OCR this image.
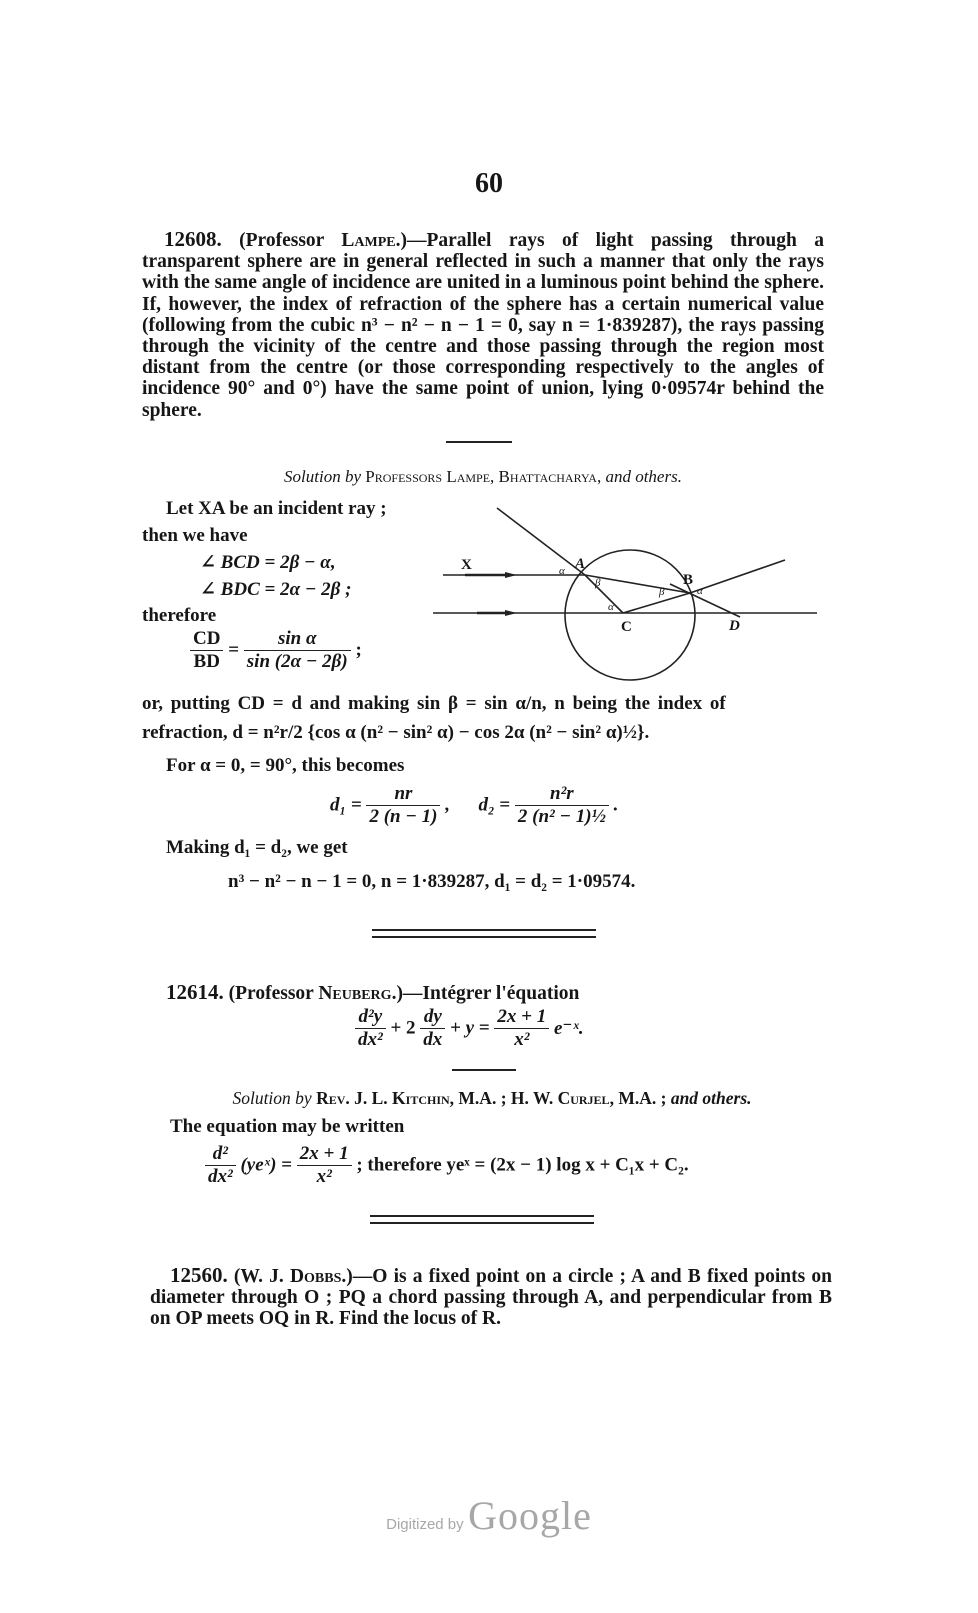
60
12608. (Professor Lampe.)—Parallel rays of light passing through a transparent sphere are in general reflected in such a manner that only the rays with the same angle of incidence are united in a luminous point behind the sphere. If, however, the index of refraction of the sphere has a certain numerical value (following from the cubic n³ − n² − n − 1 = 0, say n = 1·839287), the rays passing through the vicinity of the centre and those passing through the region most distant from the centre (or those corresponding respectively to the angles of incidence 90° and 0°) have the same point of union, lying 0·09574r behind the sphere.
Solution by Professors Lampe, Bhattacharya, and others.
Let XA be an incident ray ;
then we have
∠ BCD = 2β − α,
∠ BDC = 2α − 2β ;
therefore
$\frac{CD}{BD} = \frac{\text{sin α}}{\sin (2\alpha - 2\beta)}$ ;
X	A
B
C	D
α
β
α
β	α
or, putting CD = d and making sin β = sin α/n, n being the index of
refraction, d = n²r/2 {cos α (n² − sin² α) − cos 2α (n² − sin² α)½}.
For α = 0, = 90°, this becomes
$d_1 = \frac{nr}{2 (n - 1)}$ ,      $d_2 = \frac{\text{n²r}}{\text{2 (n² − 1)½}}$ .
Making d₁ = d₂, we get
n³ − n² − n − 1 = 0, n = 1·839287, d₁ = d₂ = 1·09574.
12614. (Professor Neuberg.)—Intégrer l'équation
$\frac{\text{d²y}}{\text{dx²}} + 2 \frac{dy}{dx} + y = \frac{2x + 1}{\text{x²}}$ e⁻ˣ.
Solution by Rev. J. L. Kitchin, M.A. ; H. W. Curjel, M.A. ; and others.
The equation may be written
$\frac{\text{d²}}{\text{dx²}}$ (yeˣ) = $\frac{2x + 1}{\text{x²}}$ ; therefore yeˣ = (2x − 1) log x + C₁x + C₂.
12560. (W. J. Dobbs.)—O is a fixed point on a circle ; A and B fixed points on diameter through O ; PQ a chord passing through A, and perpendicular from B on OP meets OQ in R. Find the locus of R.
Digitized by Google
